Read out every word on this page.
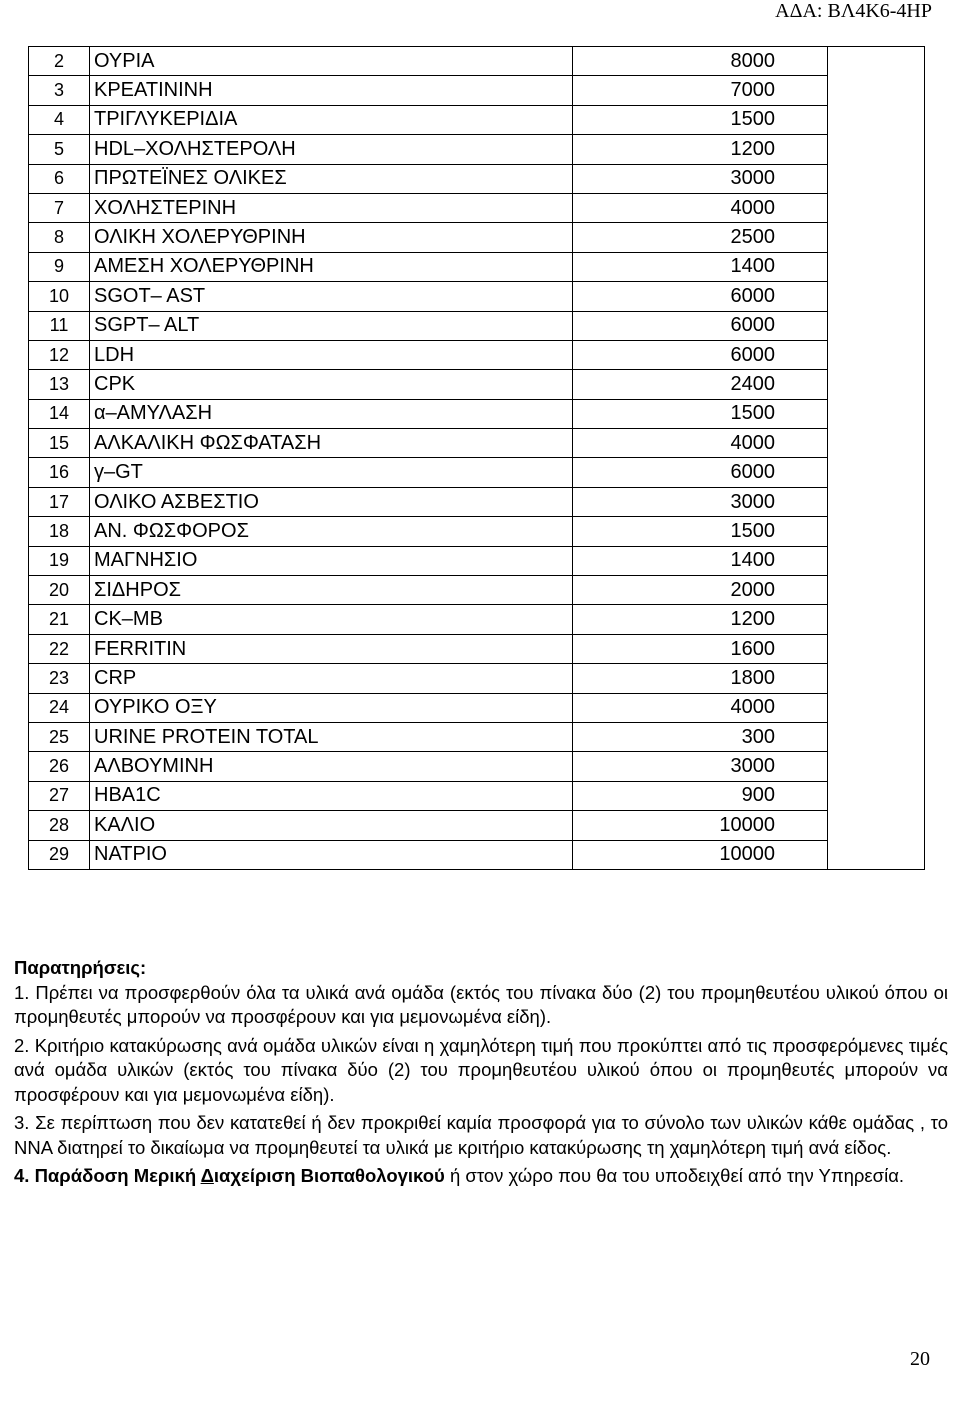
ΑΔΑ: ΒΛ4Κ6-4ΗΡ
2	ΟΥΡΙΑ	8000	
3	ΚΡΕΑΤΙΝΙΝΗ	7000	
4	ΤΡΙΓΛΥΚΕΡΙΔΙΑ	1500	
5	HDL–ΧΟΛΗΣΤΕΡΟΛΗ	1200	
6	ΠΡΩΤΕΪΝΕΣ ΟΛΙΚΕΣ	3000	
7	ΧΟΛΗΣΤΕΡΙΝΗ	4000	
8	ΟΛΙΚΗ ΧΟΛΕΡΥΘΡΙΝΗ	2500	
9	ΑΜΕΣΗ ΧΟΛΕΡΥΘΡΙΝΗ	1400	
10	SGOT– AST	6000	
11	SGPT– ALT	6000	
12	LDH	6000	
13	CPK	2400	
14	α–ΑΜΥΛΑΣΗ	1500	
15	ΑΛΚΑΛΙΚΗ ΦΩΣΦΑΤΑΣΗ	4000	
16	γ–GT	6000	
17	ΟΛΙΚΟ ΑΣΒΕΣΤΙΟ	3000	
18	ΑΝ. ΦΩΣΦΟΡΟΣ	1500	
19	ΜΑΓΝΗΣΙΟ	1400	
20	ΣΙΔΗΡΟΣ	2000	
21	CK–MB	1200	
22	FERRITIN	1600	
23	CRP	1800	
24	ΟΥΡΙΚΟ ΟΞΥ	4000	
25	URINE PROTEIN TOTAL	300	
26	ΑΛΒΟΥΜΙΝΗ	3000	
27	HBA1C	900	
28	ΚΑΛΙΟ	10000	
29	ΝΑΤΡΙΟ	10000	
Παρατηρήσεις:

1. Πρέπει να προσφερθούν όλα τα υλικά ανά ομάδα (εκτός του πίνακα δύο (2) του προμηθευτέου υλικού όπου οι προμηθευτές μπορούν να προσφέρουν και για μεμονωμένα είδη).

2. Κριτήριο κατακύρωσης ανά ομάδα υλικών είναι η χαμηλότερη τιμή που προκύπτει από τις προσφερόμενες τιμές ανά ομάδα υλικών (εκτός του πίνακα δύο (2) του προμηθευτέου υλικού όπου οι προμηθευτές μπορούν να προσφέρουν και για μεμονωμένα είδη).

3. Σε περίπτωση που δεν κατατεθεί ή δεν προκριθεί καμία προσφορά για το σύνολο των υλικών κάθε ομάδας , το ΝΝΑ διατηρεί το δικαίωμα να προμηθευτεί τα υλικά με κριτήριο κατακύρωσης τη χαμηλότερη τιμή ανά είδος.

4. Παράδοση Μερική Διαχείριση Βιοπαθολογικού ή στον χώρο που θα του υποδειχθεί από την Υπηρεσία.

20
